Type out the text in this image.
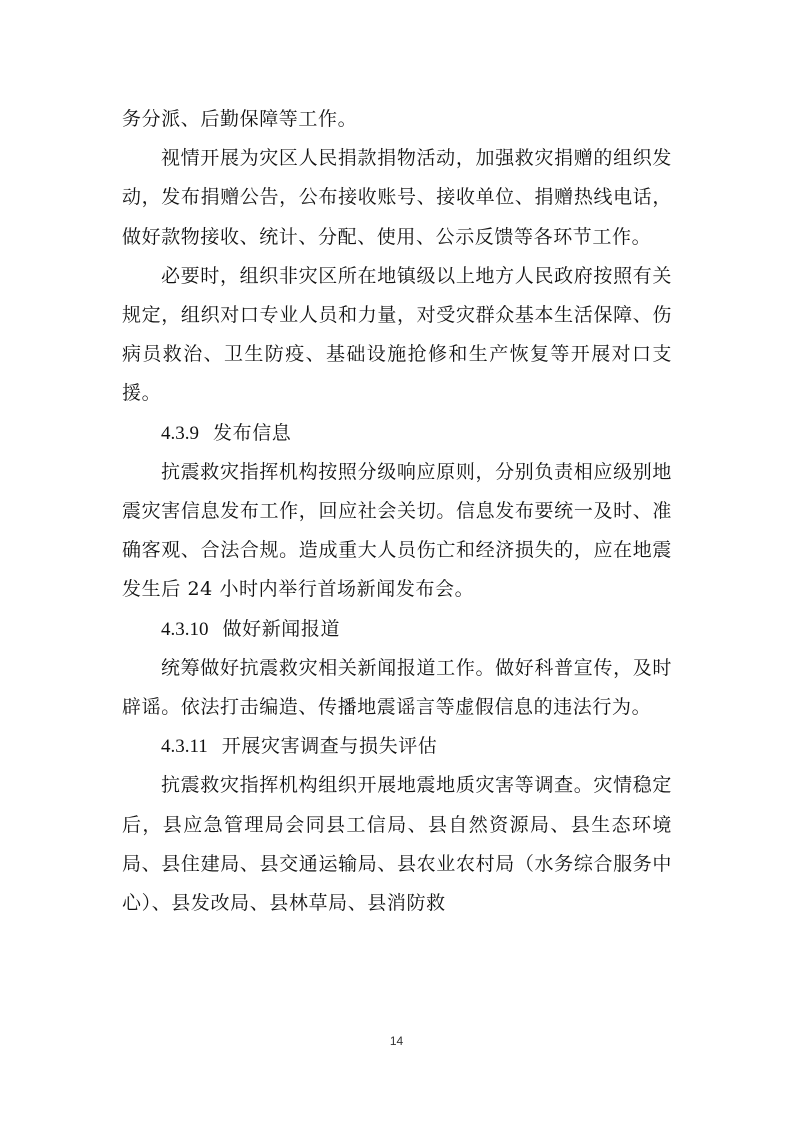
务分派、后勤保障等工作。

视情开展为灾区人民捐款捐物活动，加强救灾捐赠的组织发动，发布捐赠公告，公布接收账号、接收单位、捐赠热线电话，做好款物接收、统计、分配、使用、公示反馈等各环节工作。

必要时，组织非灾区所在地镇级以上地方人民政府按照有关规定，组织对口专业人员和力量，对受灾群众基本生活保障、伤病员救治、卫生防疫、基础设施抢修和生产恢复等开展对口支援。

4.3.9 发布信息

抗震救灾指挥机构按照分级响应原则，分别负责相应级别地震灾害信息发布工作，回应社会关切。信息发布要统一及时、准确客观、合法合规。造成重大人员伤亡和经济损失的，应在地震发生后 24 小时内举行首场新闻发布会。

4.3.10 做好新闻报道

统筹做好抗震救灾相关新闻报道工作。做好科普宣传，及时辟谣。依法打击编造、传播地震谣言等虚假信息的违法行为。

4.3.11 开展灾害调查与损失评估

抗震救灾指挥机构组织开展地震地质灾害等调查。灾情稳定后，县应急管理局会同县工信局、县自然资源局、县生态环境局、县住建局、县交通运输局、县农业农村局（水务综合服务中心）、县发改局、县林草局、县消防救

14
